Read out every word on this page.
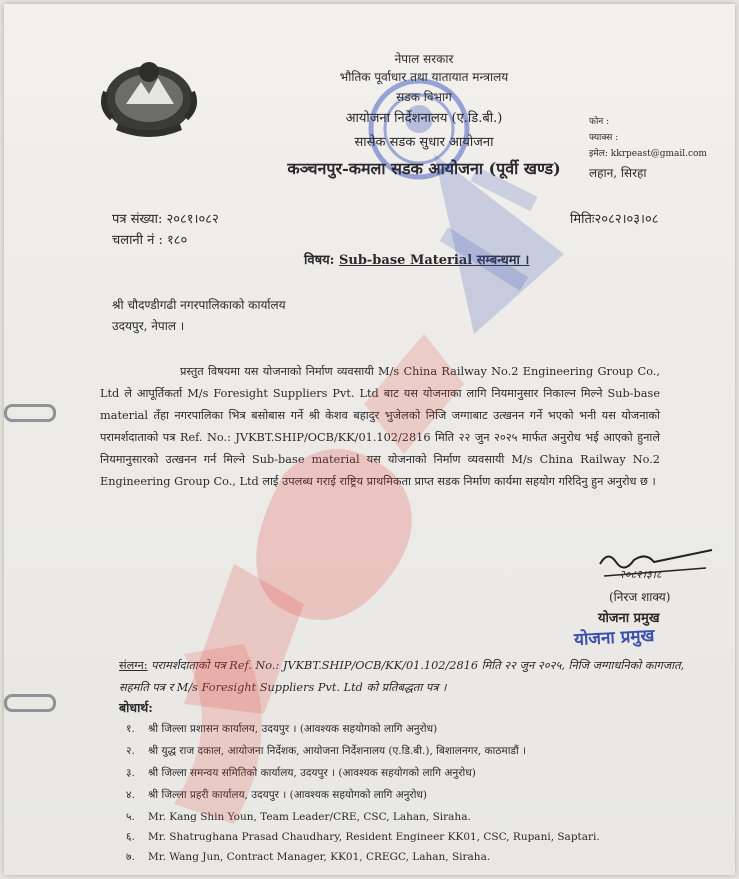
नेपाल सरकार
भौतिक पूर्वाधार तथा यातायात मन्त्रालय
सडक विभाग
आयोजना निर्देशनालय (ए.डि.बी.)
सासेक सडक सुधार आयोजना
कञ्चनपुर-कमला सडक आयोजना (पूर्वी खण्ड)
फोन :
फ्याक्स :
इमेल: kkrpeast@gmail.com
लहान, सिरहा
पत्र संख्या: २०८१।०८२
चलानी नं : १८०
मितिः२०८२।०३।०८
विषय: Sub-base Material सम्बन्धमा ।
श्री चौदण्डीगढी नगरपालिकाको कार्यालय
उदयपुर, नेपाल ।
प्रस्तुत विषयमा यस योजनाको निर्माण व्यवसायी M/s China Railway No.2 Engineering Group Co., Ltd ले आपूर्तिकर्ता M/s Foresight Suppliers Pvt. Ltd बाट यस योजनाका लागि नियमानुसार निकाल्न मिल्ने Sub-base material तँहा नगरपालिका भित्र बसोबास गर्ने श्री केशव बहादुर भुजेलको निजि जग्गाबाट उत्खनन गर्ने भएको भनी यस योजनाको परामर्शदाताको पत्र Ref. No.: JVKBT.SHIP/OCB/KK/01.102/2816 मिति २२ जुन २०२५ मार्फत अनुरोध भई आएको हुनाले नियमानुसारको उत्खनन गर्न मिल्ने Sub-base material यस योजनाको निर्माण व्यवसायी M/s China Railway No.2 Engineering Group Co., Ltd लाई उपलब्ध गराई राष्ट्रिय प्राथमिकता प्राप्त सडक निर्माण कार्यमा सहयोग गरिदिनु हुन अनुरोध छ ।
२०८२।३।८
(निरज शाक्य)
योजना प्रमुख
योजना प्रमुख
संलग्न: परामर्शदाताको पत्र Ref. No.: JVKBT.SHIP/OCB/KK/01.102/2816 मिति २२ जुन २०२५, निजि जग्गाधनिको कागजात, सहमति पत्र र M/s Foresight Suppliers Pvt. Ltd को प्रतिबद्धता पत्र ।
बोधार्थ:
१. श्री जिल्ला प्रशासन कार्यालय, उदयपुर । (आवश्यक सहयोगको लागि अनुरोध)
२. श्री युद्ध राज दकाल, आयोजना निर्देशक, आयोजना निर्देशनालय (ए.डि.बी.), बिशालनगर, काठमाडौं ।
३. श्री जिल्ला समन्वय समितिको कार्यालय, उदयपुर । (आवश्यक सहयोगको लागि अनुरोध)
४. श्री जिल्ला प्रहरी कार्यालय, उदयपुर । (आवश्यक सहयोगको लागि अनुरोध)
५. Mr. Kang Shin Youn, Team Leader/CRE, CSC, Lahan, Siraha.
६. Mr. Shatrughana Prasad Chaudhary, Resident Engineer KK01, CSC, Rupani, Saptari.
७. Mr. Wang Jun, Contract Manager, KK01, CREGC, Lahan, Siraha.
